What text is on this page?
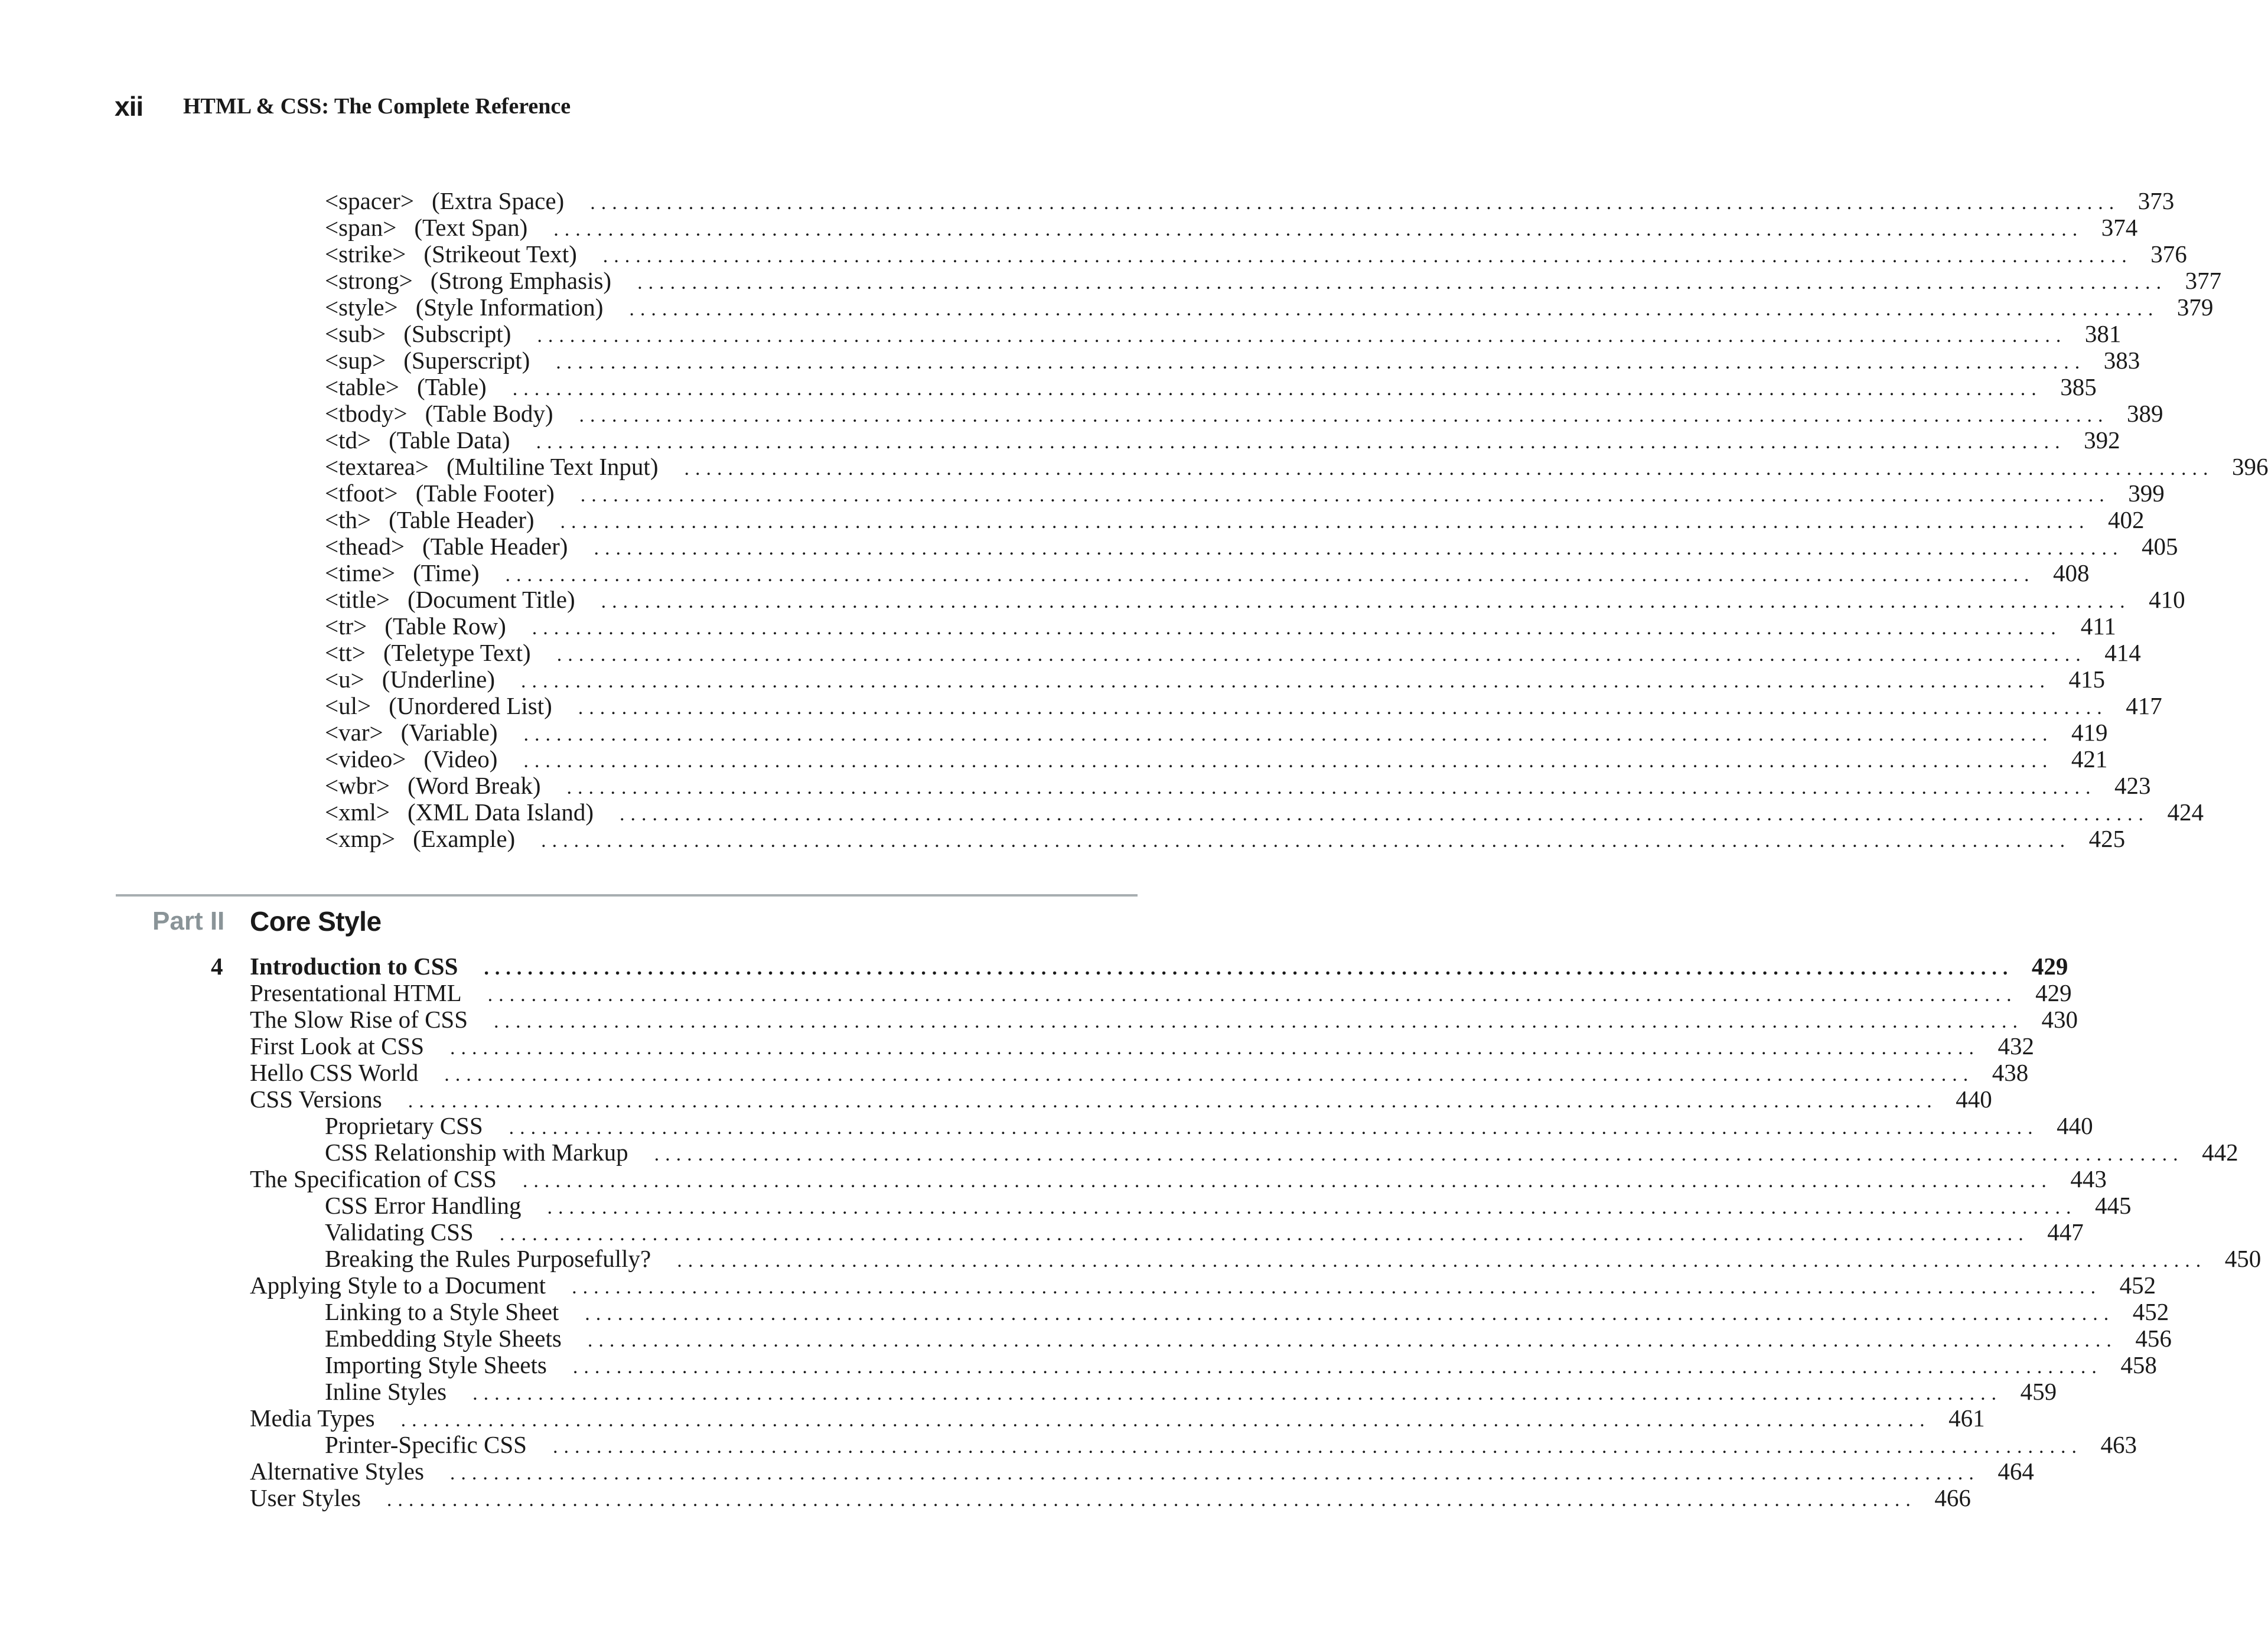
xii HTML & CSS: The Complete Reference
<spacer> (Extra Space) ............................................................................................................................................ 373
<span> (Text Span) ............................................................................................................................................ 374
<strike> (Strikeout Text) ............................................................................................................................................ 376
<strong> (Strong Emphasis) ............................................................................................................................................ 377
<style> (Style Information) ............................................................................................................................................ 379
<sub> (Subscript) ............................................................................................................................................ 381
<sup> (Superscript) ............................................................................................................................................ 383
<table> (Table) ............................................................................................................................................ 385
<tbody> (Table Body) ............................................................................................................................................ 389
<td> (Table Data) ............................................................................................................................................ 392
<textarea> (Multiline Text Input) ............................................................................................................................................ 396
<tfoot> (Table Footer) ............................................................................................................................................ 399
<th> (Table Header) ............................................................................................................................................ 402
<thead> (Table Header) ............................................................................................................................................ 405
<time> (Time) ............................................................................................................................................ 408
<title> (Document Title) ............................................................................................................................................ 410
<tr> (Table Row) ............................................................................................................................................ 411
<tt> (Teletype Text) ............................................................................................................................................ 414
<u> (Underline) ............................................................................................................................................ 415
<ul> (Unordered List) ............................................................................................................................................ 417
<var> (Variable) ............................................................................................................................................ 419
<video> (Video) ............................................................................................................................................ 421
<wbr> (Word Break) ............................................................................................................................................ 423
<xml> (XML Data Island) ............................................................................................................................................ 424
<xmp> (Example) ............................................................................................................................................ 425
Part II Core Style
4 Introduction to CSS ............................................................................................................................................ 429
Presentational HTML ............................................................................................................................................ 429
The Slow Rise of CSS ............................................................................................................................................ 430
First Look at CSS ............................................................................................................................................ 432
Hello CSS World ............................................................................................................................................ 438
CSS Versions ............................................................................................................................................ 440
Proprietary CSS ............................................................................................................................................ 440
CSS Relationship with Markup ............................................................................................................................................ 442
The Specification of CSS ............................................................................................................................................ 443
CSS Error Handling ............................................................................................................................................ 445
Validating CSS ............................................................................................................................................ 447
Breaking the Rules Purposefully? ............................................................................................................................................ 450
Applying Style to a Document ............................................................................................................................................ 452
Linking to a Style Sheet ............................................................................................................................................ 452
Embedding Style Sheets ............................................................................................................................................ 456
Importing Style Sheets ............................................................................................................................................ 458
Inline Styles ............................................................................................................................................ 459
Media Types ............................................................................................................................................ 461
Printer-Specific CSS ............................................................................................................................................ 463
Alternative Styles ............................................................................................................................................ 464
User Styles ............................................................................................................................................ 466
